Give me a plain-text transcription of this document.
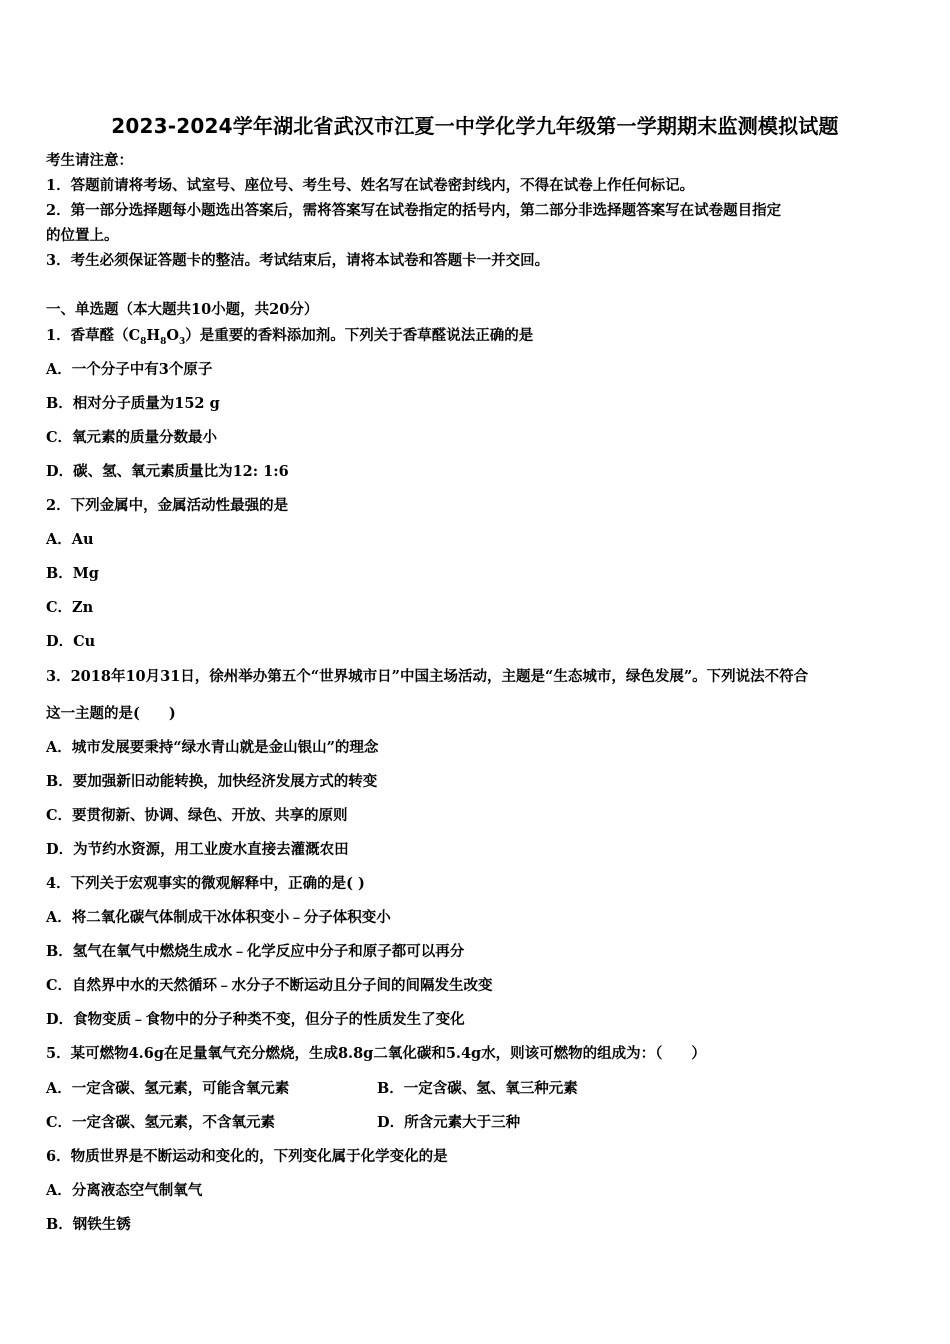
2023-2024学年湖北省武汉市江夏一中学化学九年级第一学期期末监测模拟试题
考生请注意：
1．答题前请将考场、试室号、座位号、考生号、姓名写在试卷密封线内，不得在试卷上作任何标记。
2．第一部分选择题每小题选出答案后，需将答案写在试卷指定的括号内，第二部分非选择题答案写在试卷题目指定
的位置上。
3．考生必须保证答题卡的整洁。考试结束后，请将本试卷和答题卡一并交回。
一、单选题（本大题共10小题，共20分）
1．香草醛$(C_8H_8O_3)$是重要的香料添加剂。下列关于香草醛说法正确的是
A．一个分子中有3个原子
B．相对分子质量为152 g
C．氧元素的质量分数最小
D．碳、氢、氧元素质量比为12: 1:6
2．下列金属中，金属活动性最强的是
A．Au
B．Mg
C．Zn
D．Cu
3．2018年10月31日，徐州举办第五个“世界城市日”中国主场活动，主题是“生态城市，绿色发展”。下列说法不符合
这一主题的是(　　)
A．城市发展要秉持“绿水青山就是金山银山”的理念
B．要加强新旧动能转换，加快经济发展方式的转变
C．要贯彻新、协调、绿色、开放、共享的原则
D．为节约水资源，用工业废水直接去灌溉农田
4．下列关于宏观事实的微观解释中，正确的是( )
A．将二氧化碳气体制成干冰体积变小﹣分子体积变小
B．氢气在氧气中燃烧生成水﹣化学反应中分子和原子都可以再分
C．自然界中水的天然循环﹣水分子不断运动且分子间的间隔发生改变
D．食物变质﹣食物中的分子种类不变，但分子的性质发生了变化
5．某可燃物4.6g在足量氧气充分燃烧，生成8.8g二氧化碳和5.4g水，则该可燃物的组成为：（　　）
A．一定含碳、氢元素，可能含氧元素	B．一定含碳、氢、氧三种元素
C．一定含碳、氢元素，不含氧元素	D．所含元素大于三种
6．物质世界是不断运动和变化的，下列变化属于化学变化的是
A．分离液态空气制氧气
B．钢铁生锈
